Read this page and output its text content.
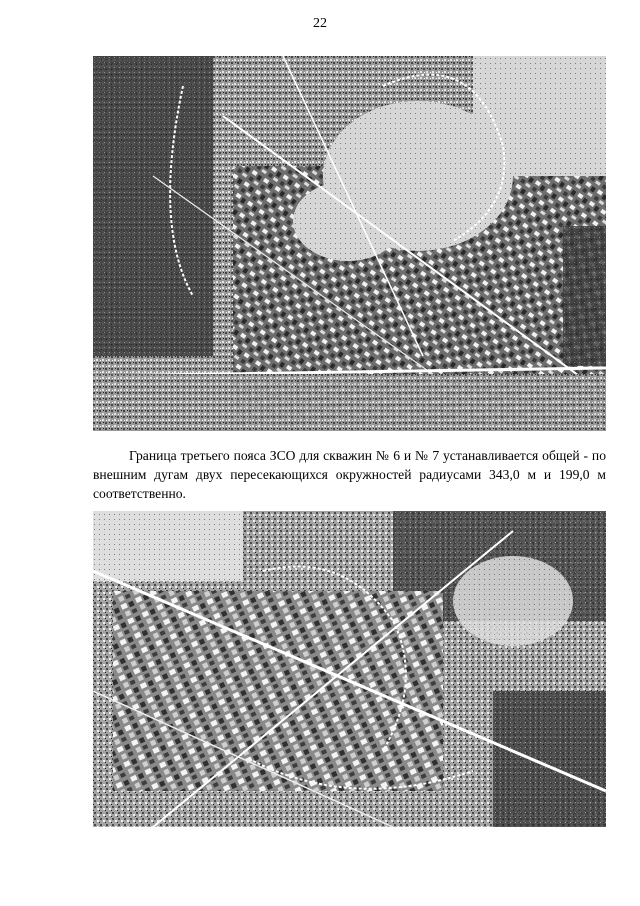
22

Граница третьего пояса ЗСО для скважин № 6 и № 7 устанавливается общей - по внешним дугам двух пересекающихся окружностей радиусами 343,0 м и 199,0 м соответственно.
